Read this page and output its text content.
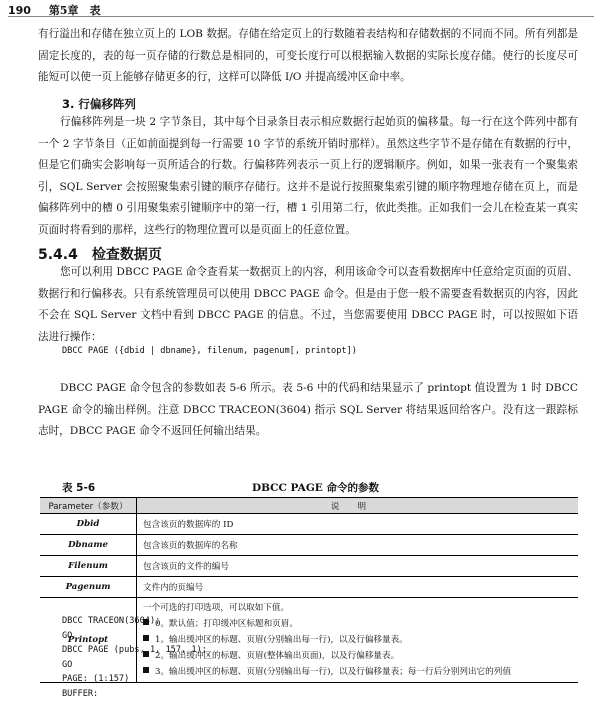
190 第5章　表
有行溢出和存储在独立页上的 LOB 数据。存储在给定页上的行数随着表结构和存储数据的不同而不同。所有列都是固定长度的，表的每一页存储的行数总是相同的，可变长度行可以根据输入数据的实际长度存储。使行的长度尽可能短可以使一页上能够存储更多的行，这样可以降低 I/O 并提高缓冲区命中率。
3. 行偏移阵列
行偏移阵列是一块 2 字节条目，其中每个目录条目表示相应数据行起始页的偏移量。每一行在这个阵列中都有一个 2 字节条目（正如前面提到每一行需要 10 字节的系统开销时那样）。虽然这些字节不是存储在有数据的行中，但是它们确实会影响每一页所适合的行数。行偏移阵列表示一页上行的逻辑顺序。例如，如果一张表有一个聚集索引，SQL Server 会按照聚集索引键的顺序存储行。这并不是说行按照聚集索引键的顺序物理地存储在页上，而是偏移阵列中的槽 0 引用聚集索引键顺序中的第一行，槽 1 引用第二行，依此类推。正如我们一会儿在检查某一真实页面时将看到的那样，这些行的物理位置可以是页面上的任意位置。
5.4.4　检查数据页
您可以利用 DBCC PAGE 命令查看某一数据页上的内容，利用该命令可以查看数据库中任意给定页面的页眉、数据行和行偏移表。只有系统管理员可以使用 DBCC PAGE 命令。但是由于您一般不需要查看数据页的内容，因此不会在 SQL Server 文档中看到 DBCC PAGE 的信息。不过，当您需要使用 DBCC PAGE 时，可以按照如下语法进行操作：
DBCC PAGE ({dbid | dbname}, filenum, pagenum[, printopt])
DBCC PAGE 命令包含的参数如表 5-6 所示。表 5-6 中的代码和结果显示了 printopt 值设置为 1 时 DBCC PAGE 命令的输出样例。注意 DBCC TRACEON(3604) 指示 SQL Server 将结果返回给客户。没有这一跟踪标志时，DBCC PAGE 命令不返回任何输出结果。
表 5-6	DBCC PAGE 命令的参数
Parameter（参数）	说明
Dbid	包含该页的数据库的 ID
Dbname	包含该页的数据库的名称
Filenum	包含该页的文件的编号
Pagenum	文件内的页编号
Printopt	一个可选的打印选项，可以取如下值。
0。默认值；打印缓冲区标题和页眉。
1。输出缓冲区的标题、页眉(分别输出每一行)，以及行偏移量表。
2。输出缓冲区的标题、页眉(整体输出页面)，以及行偏移量表。
3。输出缓冲区的标题、页眉(分别输出每一行)，以及行偏移量表；每一行后分别列出它的列值
DBCC TRACEON(3604);
GO
DBCC PAGE (pubs, 1, 157, 1);
GO
PAGE: (1:157)
BUFFER:
